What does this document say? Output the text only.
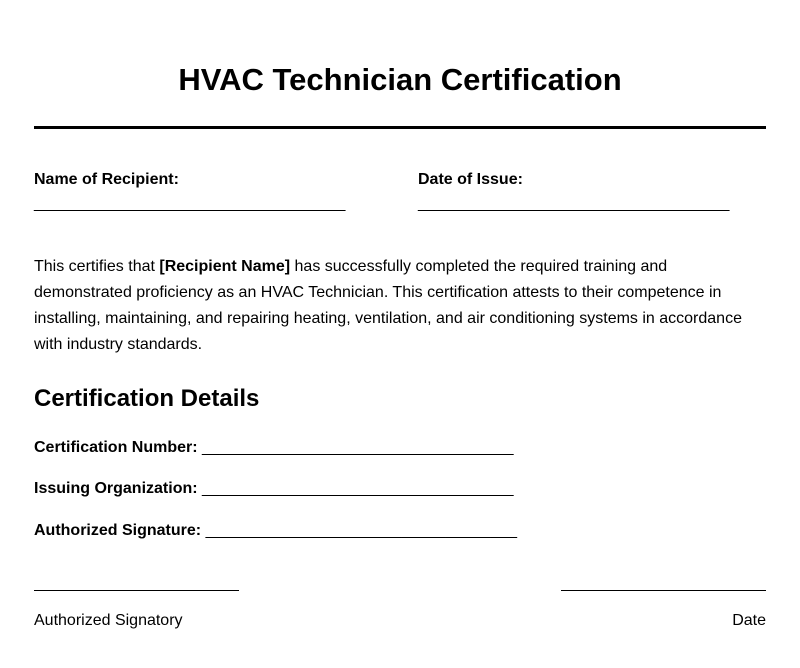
HVAC Technician Certification
Name of Recipient:
___________________________________
Date of Issue:
___________________________________

This certifies that [Recipient Name] has successfully completed the required training and demonstrated proficiency as an HVAC Technician. This certification attests to their competence in installing, maintaining, and repairing heating, ventilation, and air conditioning systems in accordance with industry standards.

Certification Details
Certification Number: ___________________________________
Issuing Organization: ___________________________________
Authorized Signature: ___________________________________
Authorized Signatory	Date
